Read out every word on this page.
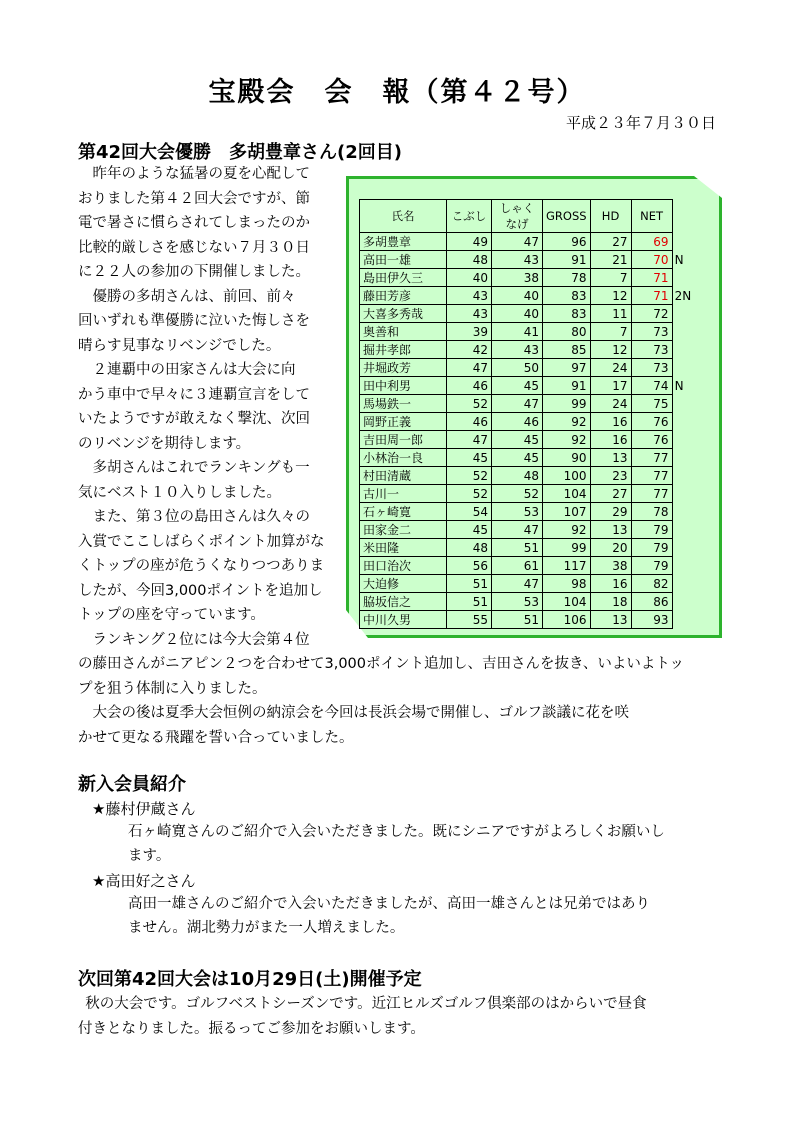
宝殿会　会　報（第４２号）
平成２３年７月３０日
第42回大会優勝　多胡豊章さん(2回目)
昨年のような猛暑の夏を心配して
おりました第４２回大会ですが、節
電で暑さに慣らされてしまったのか
比較的厳しさを感じない７月３０日
に２２人の参加の下開催しました。
優勝の多胡さんは、前回、前々
回いずれも準優勝に泣いた悔しさを
晴らす見事なリベンジでした。
２連覇中の田家さんは大会に向
かう車中で早々に３連覇宣言をして
いたようですが敢えなく撃沈、次回
のリベンジを期待します。
多胡さんはこれでランキングも一
気にベスト１０入りしました。
また、第３位の島田さんは久々の
入賞でここしばらくポイント加算がな
くトップの座が危うくなりつつありま
したが、今回3,000ポイントを追加し
トップの座を守っています。
ランキング２位には今大会第４位
の藤田さんがニアピン２つを合わせて3,000ポイント追加し、吉田さんを抜き、いよいよトッ
プを狙う体制に入りました。
大会の後は夏季大会恒例の納涼会を今回は長浜会場で開催し、ゴルフ談議に花を咲
かせて更なる飛躍を誓い合っていました。
氏名	こぶし	しゃくなげ	GROSS	HD	NET	
多胡豊章	49	47	96	27	69	
高田一雄	48	43	91	21	70	N
島田伊久三	40	38	78	7	71	
藤田芳彦	43	40	83	12	71	2N
大喜多秀哉	43	40	83	11	72	
奥善和	39	41	80	7	73	
掘井孝郎	42	43	85	12	73	
井堀政芳	47	50	97	24	73	
田中利男	46	45	91	17	74	N
馬場鉄一	52	47	99	24	75	
岡野正義	46	46	92	16	76	
吉田周一郎	47	45	92	16	76	
小林治一良	45	45	90	13	77	
村田清蔵	52	48	100	23	77	
古川一	52	52	104	27	77	
石ヶ崎寛	54	53	107	29	78	
田家金二	45	47	92	13	79	
米田隆	48	51	99	20	79	
田口治次	56	61	117	38	79	
大迫修	51	47	98	16	82	
脇坂信之	51	53	104	18	86	
中川久男	55	51	106	13	93	
新入会員紹介
★藤村伊蔵さん
石ヶ崎寛さんのご紹介で入会いただきました。既にシニアですがよろしくお願いし
ます。
★高田好之さん
高田一雄さんのご紹介で入会いただきましたが、高田一雄さんとは兄弟ではあり
ません。湖北勢力がまた一人増えました。
次回第42回大会は10月29日(土)開催予定
秋の大会です。ゴルフベストシーズンです。近江ヒルズゴルフ倶楽部のはからいで昼食
付きとなりました。振るってご参加をお願いします。
